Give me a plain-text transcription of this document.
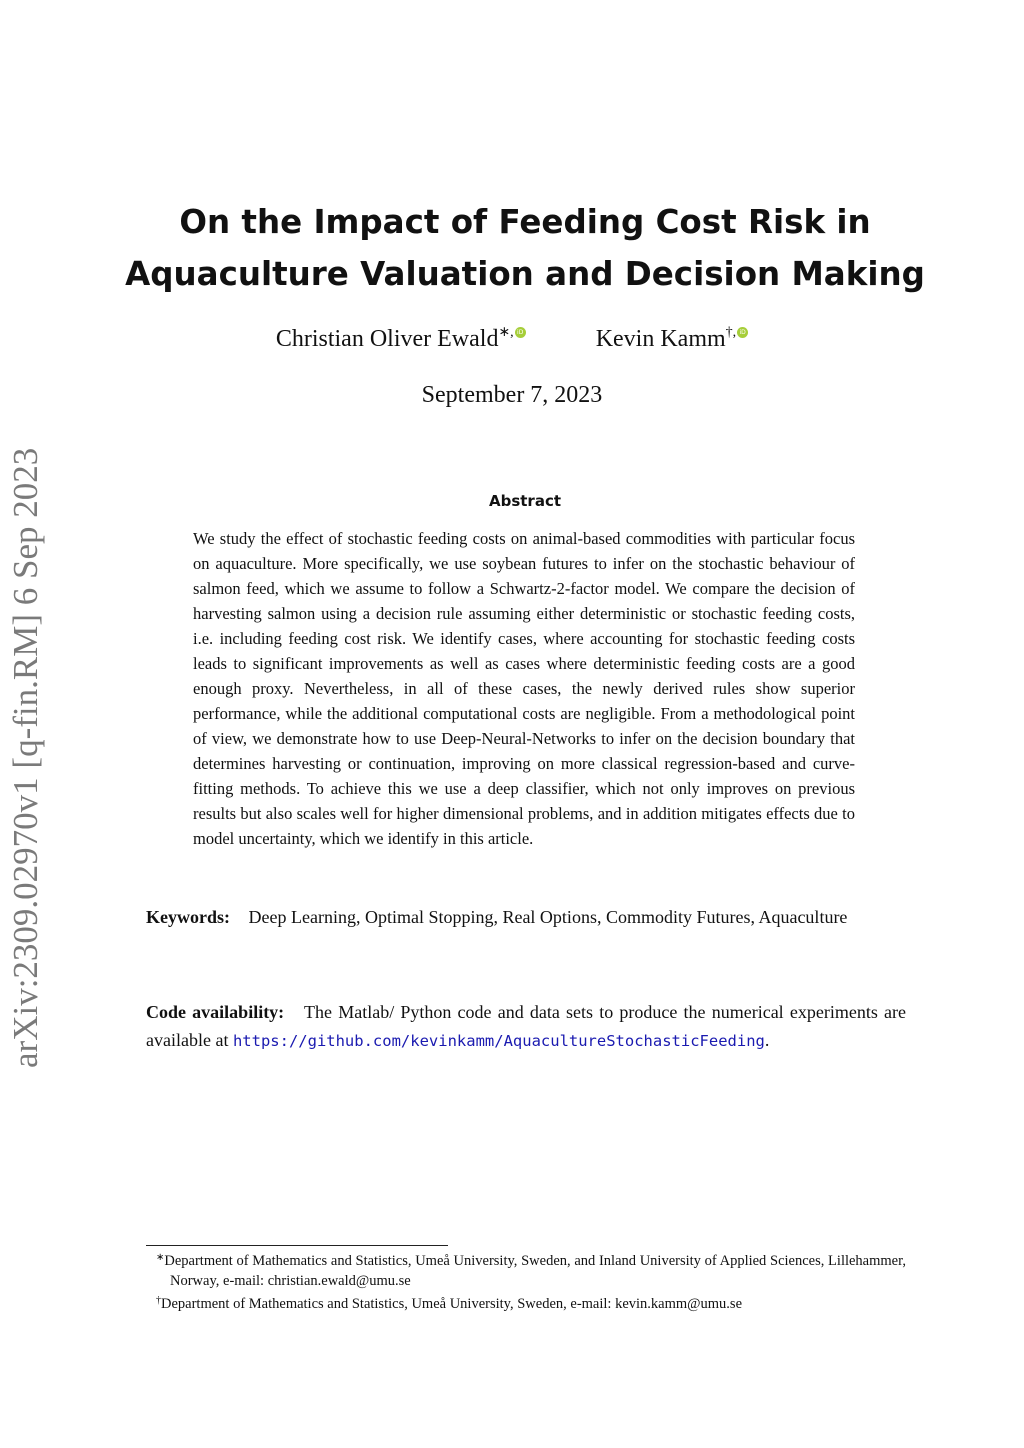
arXiv:2309.02970v1 [q-fin.RM] 6 Sep 2023
On the Impact of Feeding Cost Risk in
Aquaculture Valuation and Decision Making
Christian Oliver Ewald∗, iD	Kevin Kamm†, iD
September 7, 2023
Abstract
We study the effect of stochastic feeding costs on animal-based commodities with particular focus on aquaculture. More specifically, we use soybean futures to infer on the stochastic behaviour of salmon feed, which we assume to follow a Schwartz-2-factor model. We compare the decision of harvesting salmon using a decision rule assuming either deterministic or stochastic feeding costs, i.e. including feeding cost risk. We identify cases, where accounting for stochastic feeding costs leads to significant improvements as well as cases where deterministic feeding costs are a good enough proxy. Nevertheless, in all of these cases, the newly derived rules show superior performance, while the additional computational costs are negligible. From a methodological point of view, we demonstrate how to use Deep-Neural-Networks to infer on the decision boundary that determines harvesting or continuation, improving on more classical regression-based and curve-fitting methods. To achieve this we use a deep classifier, which not only improves on previous results but also scales well for higher dimensional problems, and in addition mitigates effects due to model uncertainty, which we identify in this article.
Keywords: Deep Learning, Optimal Stopping, Real Options, Commodity Futures, Aquaculture
Code availability: The Matlab/ Python code and data sets to produce the numerical experiments are available at https://github.com/kevinkamm/AquacultureStochasticFeeding.

∗Department of Mathematics and Statistics, Umeå University, Sweden, and Inland University of Applied Sciences, Lillehammer, Norway, e-mail: christian.ewald@umu.se

†Department of Mathematics and Statistics, Umeå University, Sweden, e-mail: kevin.kamm@umu.se
